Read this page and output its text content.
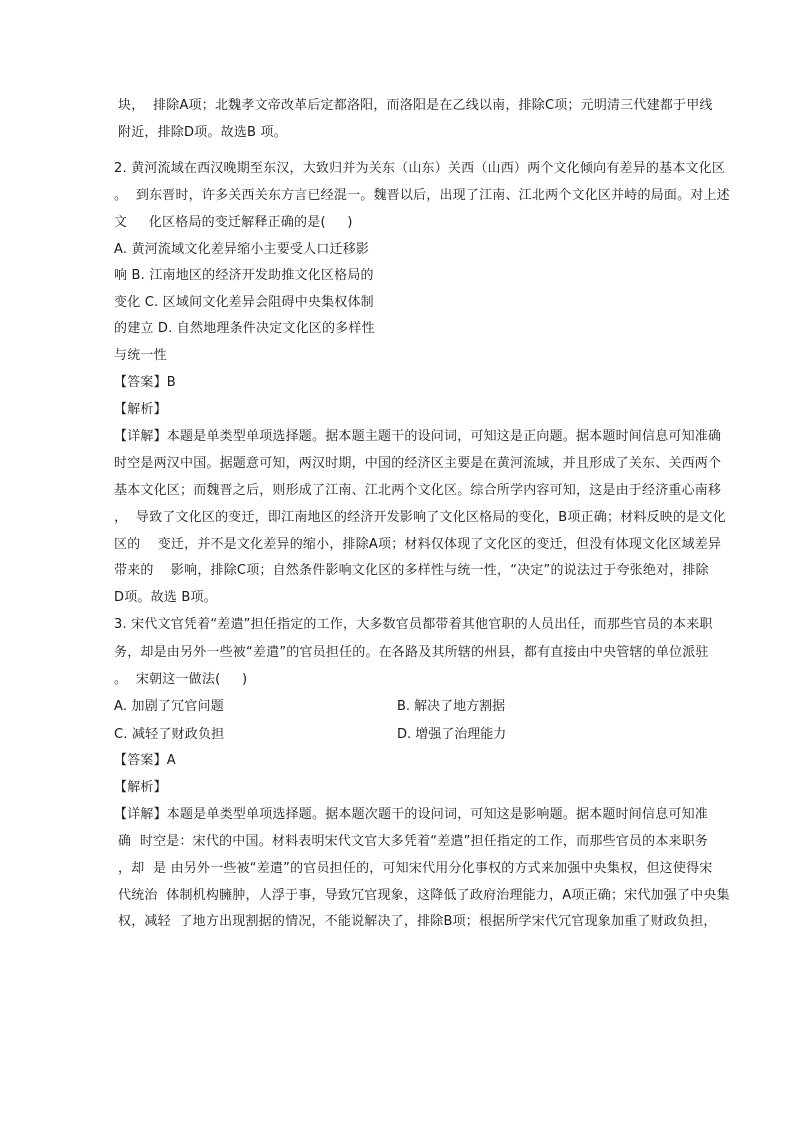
块，  排除A项；北魏孝文帝改革后定都洛阳，而洛阳是在乙线以南，排除C项；元明清三代建都于甲线
附近，排除D项。故选B 项。
2. 黄河流域在西汉晚期至东汉，大致归并为关东（山东）关西（山西）两个文化倾向有差异的基本文化区
。  到东晋时，许多关西关东方言已经混一。魏晋以后，出现了江南、江北两个文化区并峙的局面。对上述
文     化区格局的变迁解释正确的是(     )
A. 黄河流域文化差异缩小主要受人口迁移影
响 B. 江南地区的经济开发助推文化区格局的
变化 C. 区域间文化差异会阻碍中央集权体制
的建立 D. 自然地理条件决定文化区的多样性
与统一性
【答案】B
【解析】
【详解】本题是单类型单项选择题。据本题主题干的设问词，可知这是正向题。据本题时间信息可知准确
时空是两汉中国。据题意可知，两汉时期，中国的经济区主要是在黄河流域，并且形成了关东、关西两个
基本文化区；而魏晋之后，则形成了江南、江北两个文化区。综合所学内容可知，这是由于经济重心南移
，  导致了文化区的变迁，即江南地区的经济开发影响了文化区格局的变化，B项正确；材料反映的是文化
区的    变迁，并不是文化差异的缩小，排除A项；材料仅体现了文化区的变迁，但没有体现文化区域差异
带来的    影响，排除C项；自然条件影响文化区的多样性与统一性，“决定”的说法过于夸张绝对，排除
D项。故选 B项。
3. 宋代文官凭着“差遣”担任指定的工作，大多数官员都带着其他官职的人员出任，而那些官员的本来职
务，却是由另外一些被“差遣”的官员担任的。在各路及其所辖的州县，都有直接由中央管辖的单位派驻
。  宋朝这一做法(     )
A. 加剧了冗官问题	B. 解决了地方割据
C. 减轻了财政负担	D. 增强了治理能力
【答案】A
【解析】
【详解】本题是单类型单项选择题。据本题次题干的设问词，可知这是影响题。据本题时间信息可知准
确  时空是：宋代的中国。材料表明宋代文官大多凭着“差遣”担任指定的工作，而那些官员的本来职务
，却  是 由另外一些被“差遣”的官员担任的，可知宋代用分化事权的方式来加强中央集权，但这使得宋
代统治  体制机构臃肿，人浮于事，导致冗官现象，这降低了政府治理能力，A项正确；宋代加强了中央集
权，减轻  了地方出现割据的情况，不能说解决了，排除B项；根据所学宋代冗官现象加重了财政负担，
